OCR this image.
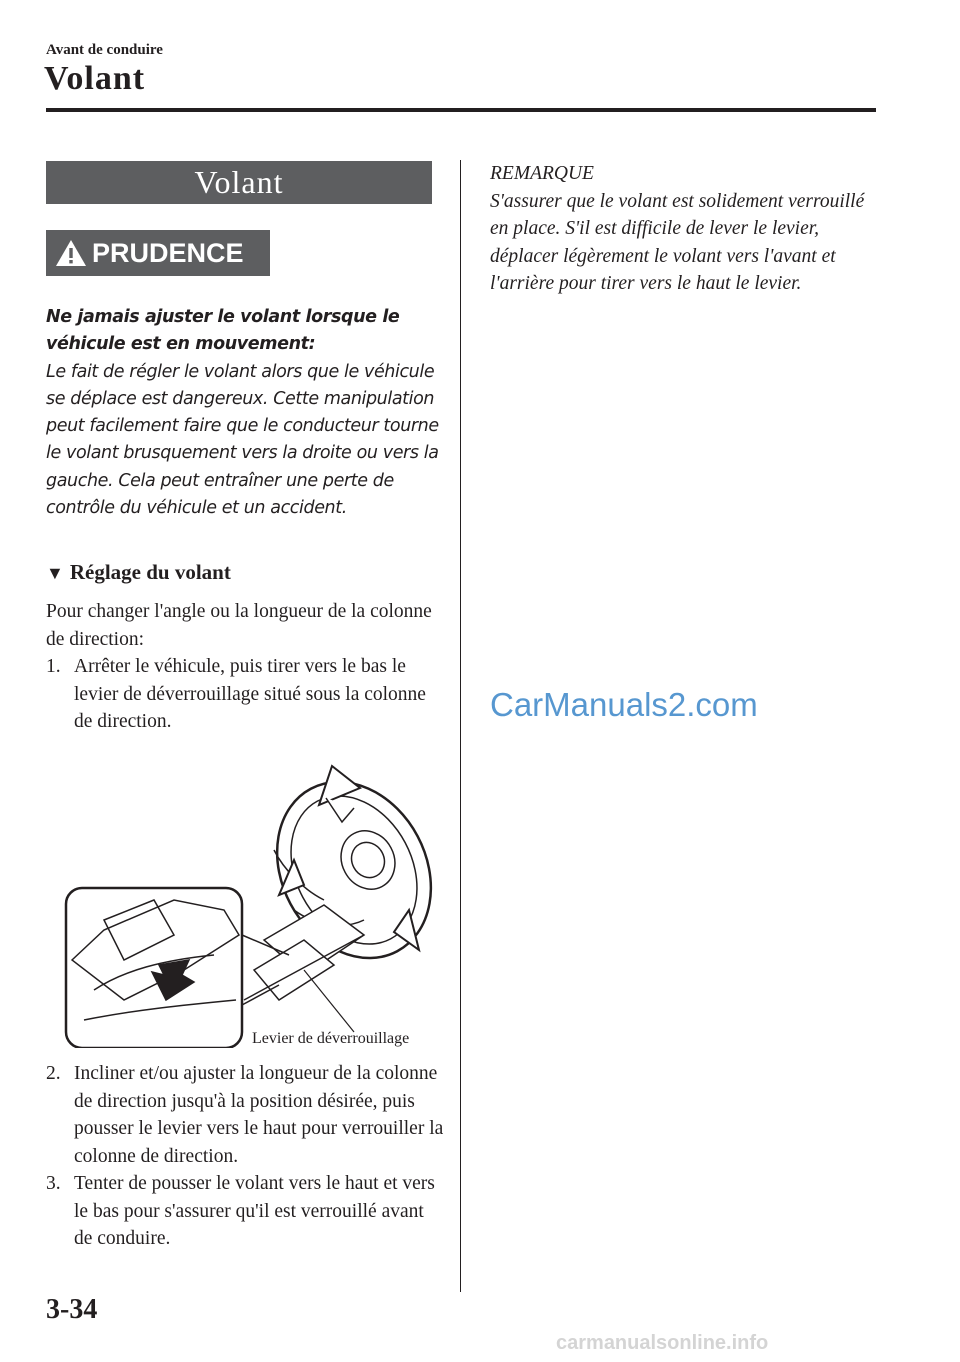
Avant de conduire
Volant
Volant
PRUDENCE
Ne jamais ajuster le volant lorsque le véhicule est en mouvement:
Le fait de régler le volant alors que le véhicule se déplace est dangereux. Cette manipulation peut facilement faire que le conducteur tourne le volant brusquement vers la droite ou vers la gauche. Cela peut entraîner une perte de contrôle du véhicule et un accident.
▼ Réglage du volant
Pour changer l'angle ou la longueur de la colonne de direction:
1. Arrêter le véhicule, puis tirer vers le bas le levier de déverrouillage situé sous la colonne de direction.
Levier de déverrouillage
2. Incliner et/ou ajuster la longueur de la colonne de direction jusqu'à la position désirée, puis pousser le levier vers le haut pour verrouiller la colonne de direction.
3. Tenter de pousser le volant vers le haut et vers le bas pour s'assurer qu'il est verrouillé avant de conduire.
REMARQUE
S'assurer que le volant est solidement verrouillé en place. S'il est difficile de lever le levier, déplacer légèrement le volant vers l'avant et l'arrière pour tirer vers le haut le levier.
CarManuals2.com
3-34
carmanualsonline.info
